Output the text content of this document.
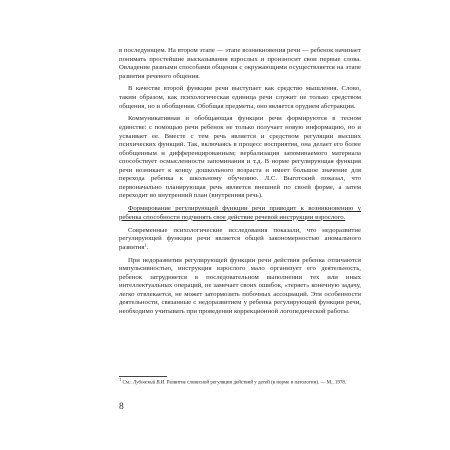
в последующем. На втором этапе — этапе возникновения речи — ребенок начинает понимать простейшие высказывания взрослых и произносит свои первые слова. Овладение разными способами общения с окружающими осуществляется на этапе развития речевого общения.

В качестве второй функции речи выступает как средство мышления. Слово, таким образом, как психологическая единица речи служит не только средством общения, но и обобщения. Обобщая предметы, оно является орудием абстракции.

Коммуникативная и обобщающая функции речи формируются в тесном единстве: с помощью речи ребенок не только получает новую информацию, но и усваивает ее. Вместе с тем речь является и средством регуляции высших психических функций. Так, включаясь в процесс восприятия, она делает его более обобщенным и дифференцированным; вербализация запоминаемого материала способствует осмысленности запоминания и т.д. В норме регулирующая функция речи возникает к концу дошкольного возраста и имеет большое значение для перехода ребенка к школьному обучению. Л.С. Выготский показал, что первоначально планирующая речь является внешней по своей форме, а затем переходит во внутренний план (внутренняя речь).

Формирование регулирующей функции речи приводит к возникновению у ребенка способности подчинять свое действие речевой инструкции взрослого.

Современные психологические исследования показали, что недоразвитие регулирующей функции речи является общей закономерностью аномального развития$^1$.

При недоразвитии регулирующей функции речи действия ребенка отличаются импульсивностью, инструкция взрослого мало организует его деятельность, ребенок затрудняется в последовательном выполнении тех или иных интеллектуальных операций, не замечает своих ошибок, «теряет» конечную задачу, легко отвлекается, не может затормозить побочных ассоциаций. Эти особенности деятельности, связанные с недоразвитием у ребенка регулирующей функции речи, необходимо учитывать при проведении коррекционной логопедической работы.

$^1$ См.: Лубовский В.И. Развитие словесной регуляции действий у детей (в норме и патологии). — М., 1978.
8
